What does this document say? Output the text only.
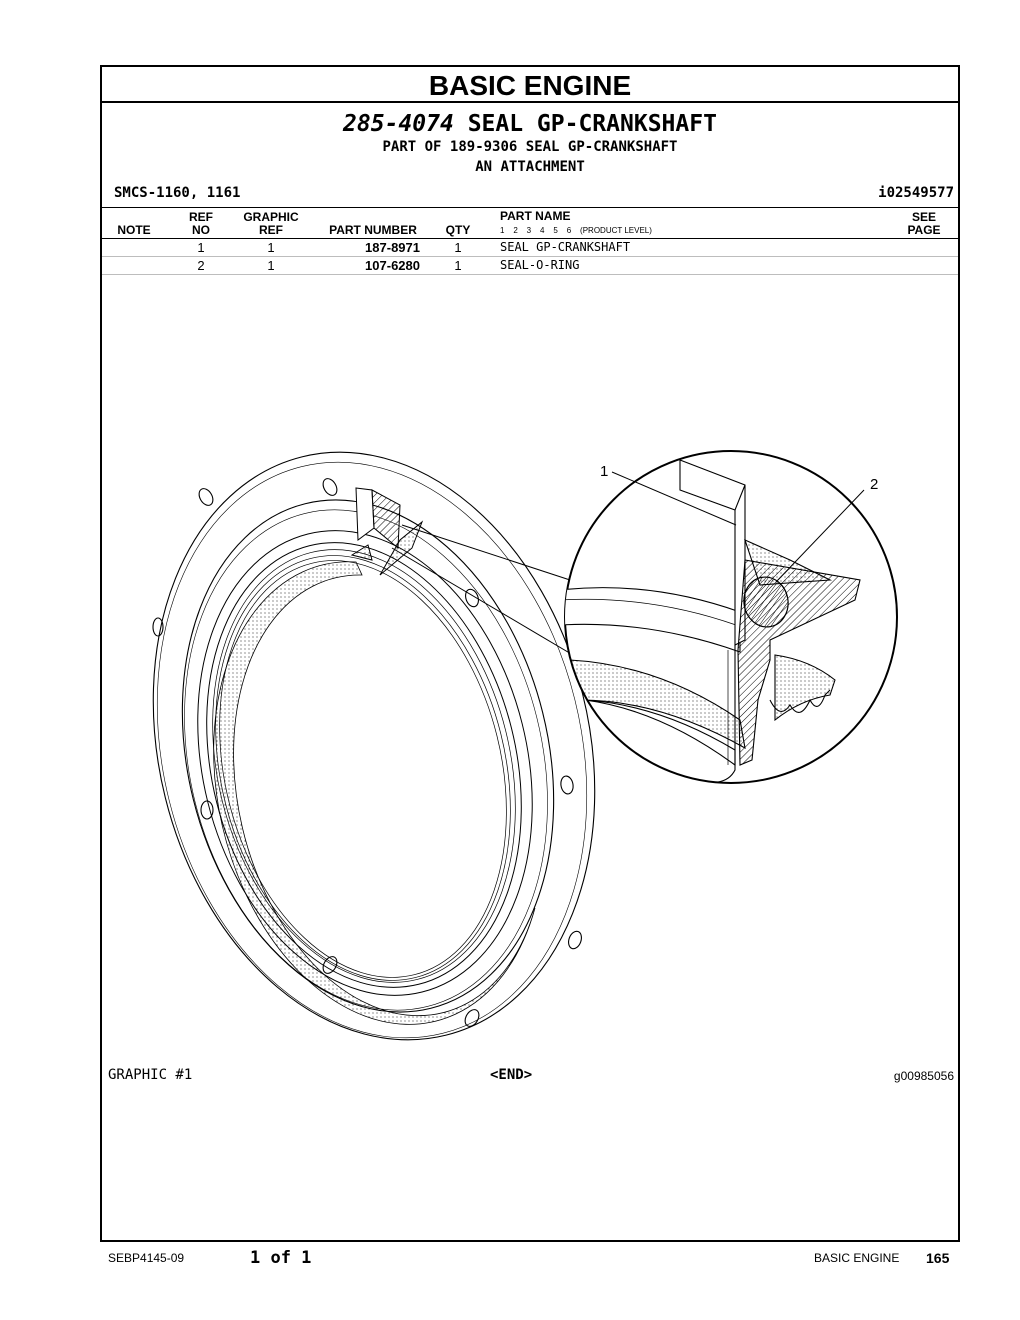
BASIC ENGINE
285-4074 SEAL GP-CRANKSHAFT
PART OF 189-9306 SEAL GP-CRANKSHAFT
AN ATTACHMENT
SMCS-1160, 1161	i02549577
NOTE
REF
NO
GRAPHIC
REF	PART NUMBER	QTY
PART NAME
1    2    3    4    5    6    (PRODUCT LEVEL)
SEE
PAGE
1	1	187-8971	1	SEAL GP-CRANKSHAFT
2	1	107-6280	1	SEAL-O-RING
1
2
GRAPHIC #1	<END>	g00985056
SEBP4145-09	1 of 1	BASIC ENGINE 165
